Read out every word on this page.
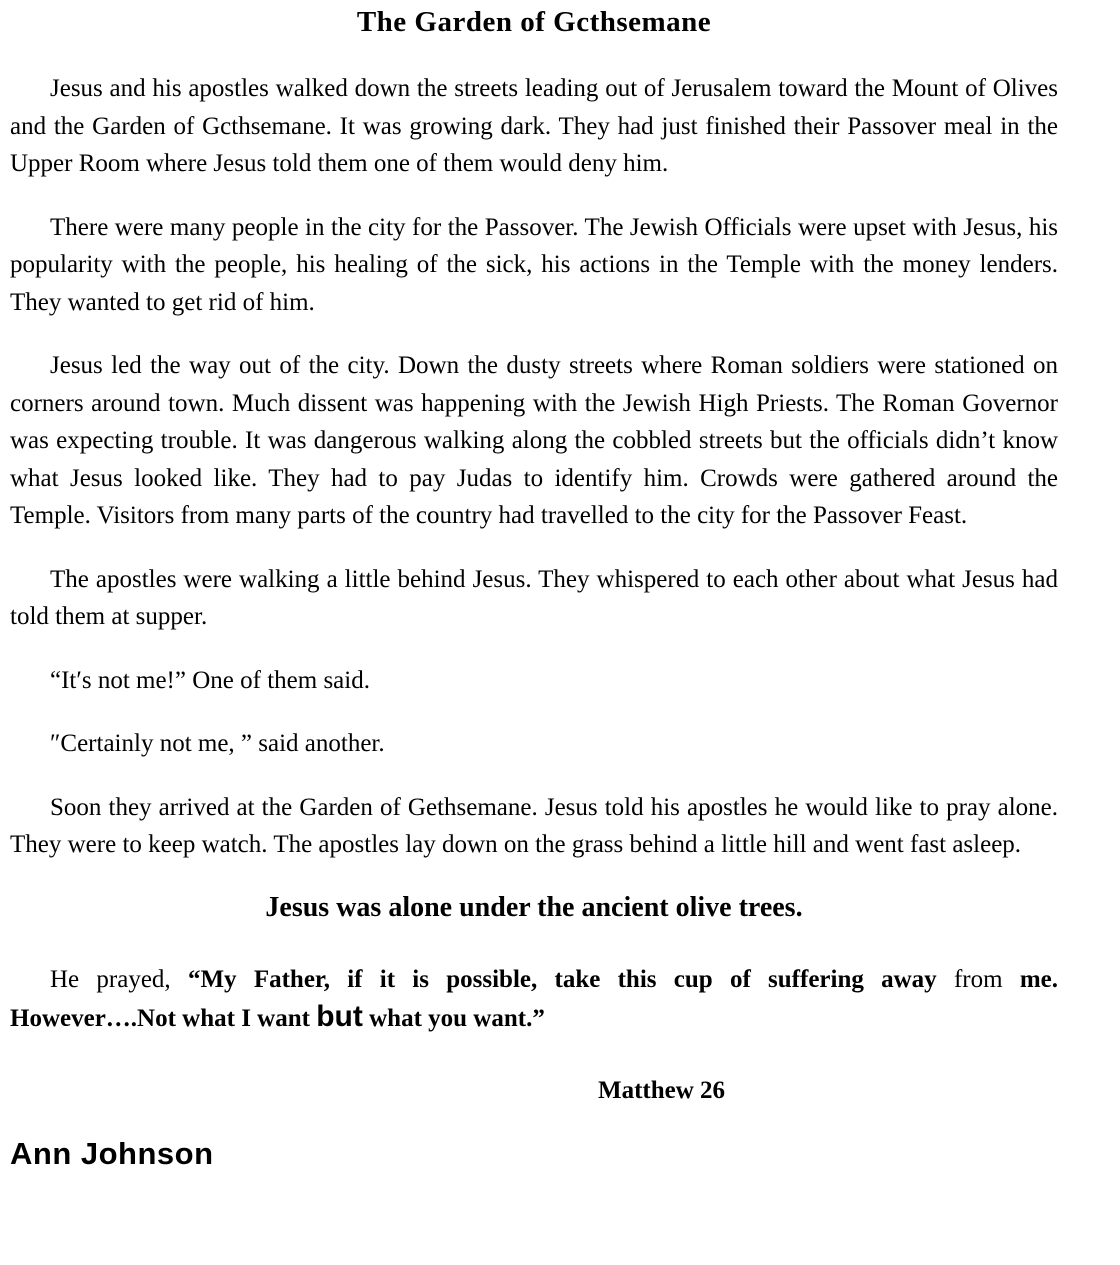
The Garden of Gcthsemane

Jesus and his apostles walked down the streets leading out of Jerusalem toward the Mount of Olives and the Garden of Gcthsemane. It was growing dark. They had just finished their Passover meal in the Upper Room where Jesus told them one of them would deny him.

There were many people in the city for the Passover. The Jewish Officials were upset with Jesus, his popularity with the people, his healing of the sick, his actions in the Temple with the money lenders. They wanted to get rid of him.

Jesus led the way out of the city. Down the dusty streets where Roman soldiers were stationed on corners around town. Much dissent was happening with the Jewish High Priests. The Roman Governor was expecting trouble. It was dangerous walking along the cobbled streets but the officials didn’t know what Jesus looked like. They had to pay Judas to identify him. Crowds were gathered around the Temple. Visitors from many parts of the country had travelled to the city for the Passover Feast.

The apostles were walking a little behind Jesus. They whispered to each other about what Jesus had told them at supper.

“It′s not me!” One of them said.

″Certainly not me, ” said another.

Soon they arrived at the Garden of Gethsemane. Jesus told his apostles he would like to pray alone. They were to keep watch. The apostles lay down on the grass behind a little hill and went fast asleep.

Jesus was alone under the ancient olive trees.

He prayed, “My Father, if it is possible, take this cup of suffering away from me. However….Not what I want but what you want.”

Matthew 26
Ann Johnson
